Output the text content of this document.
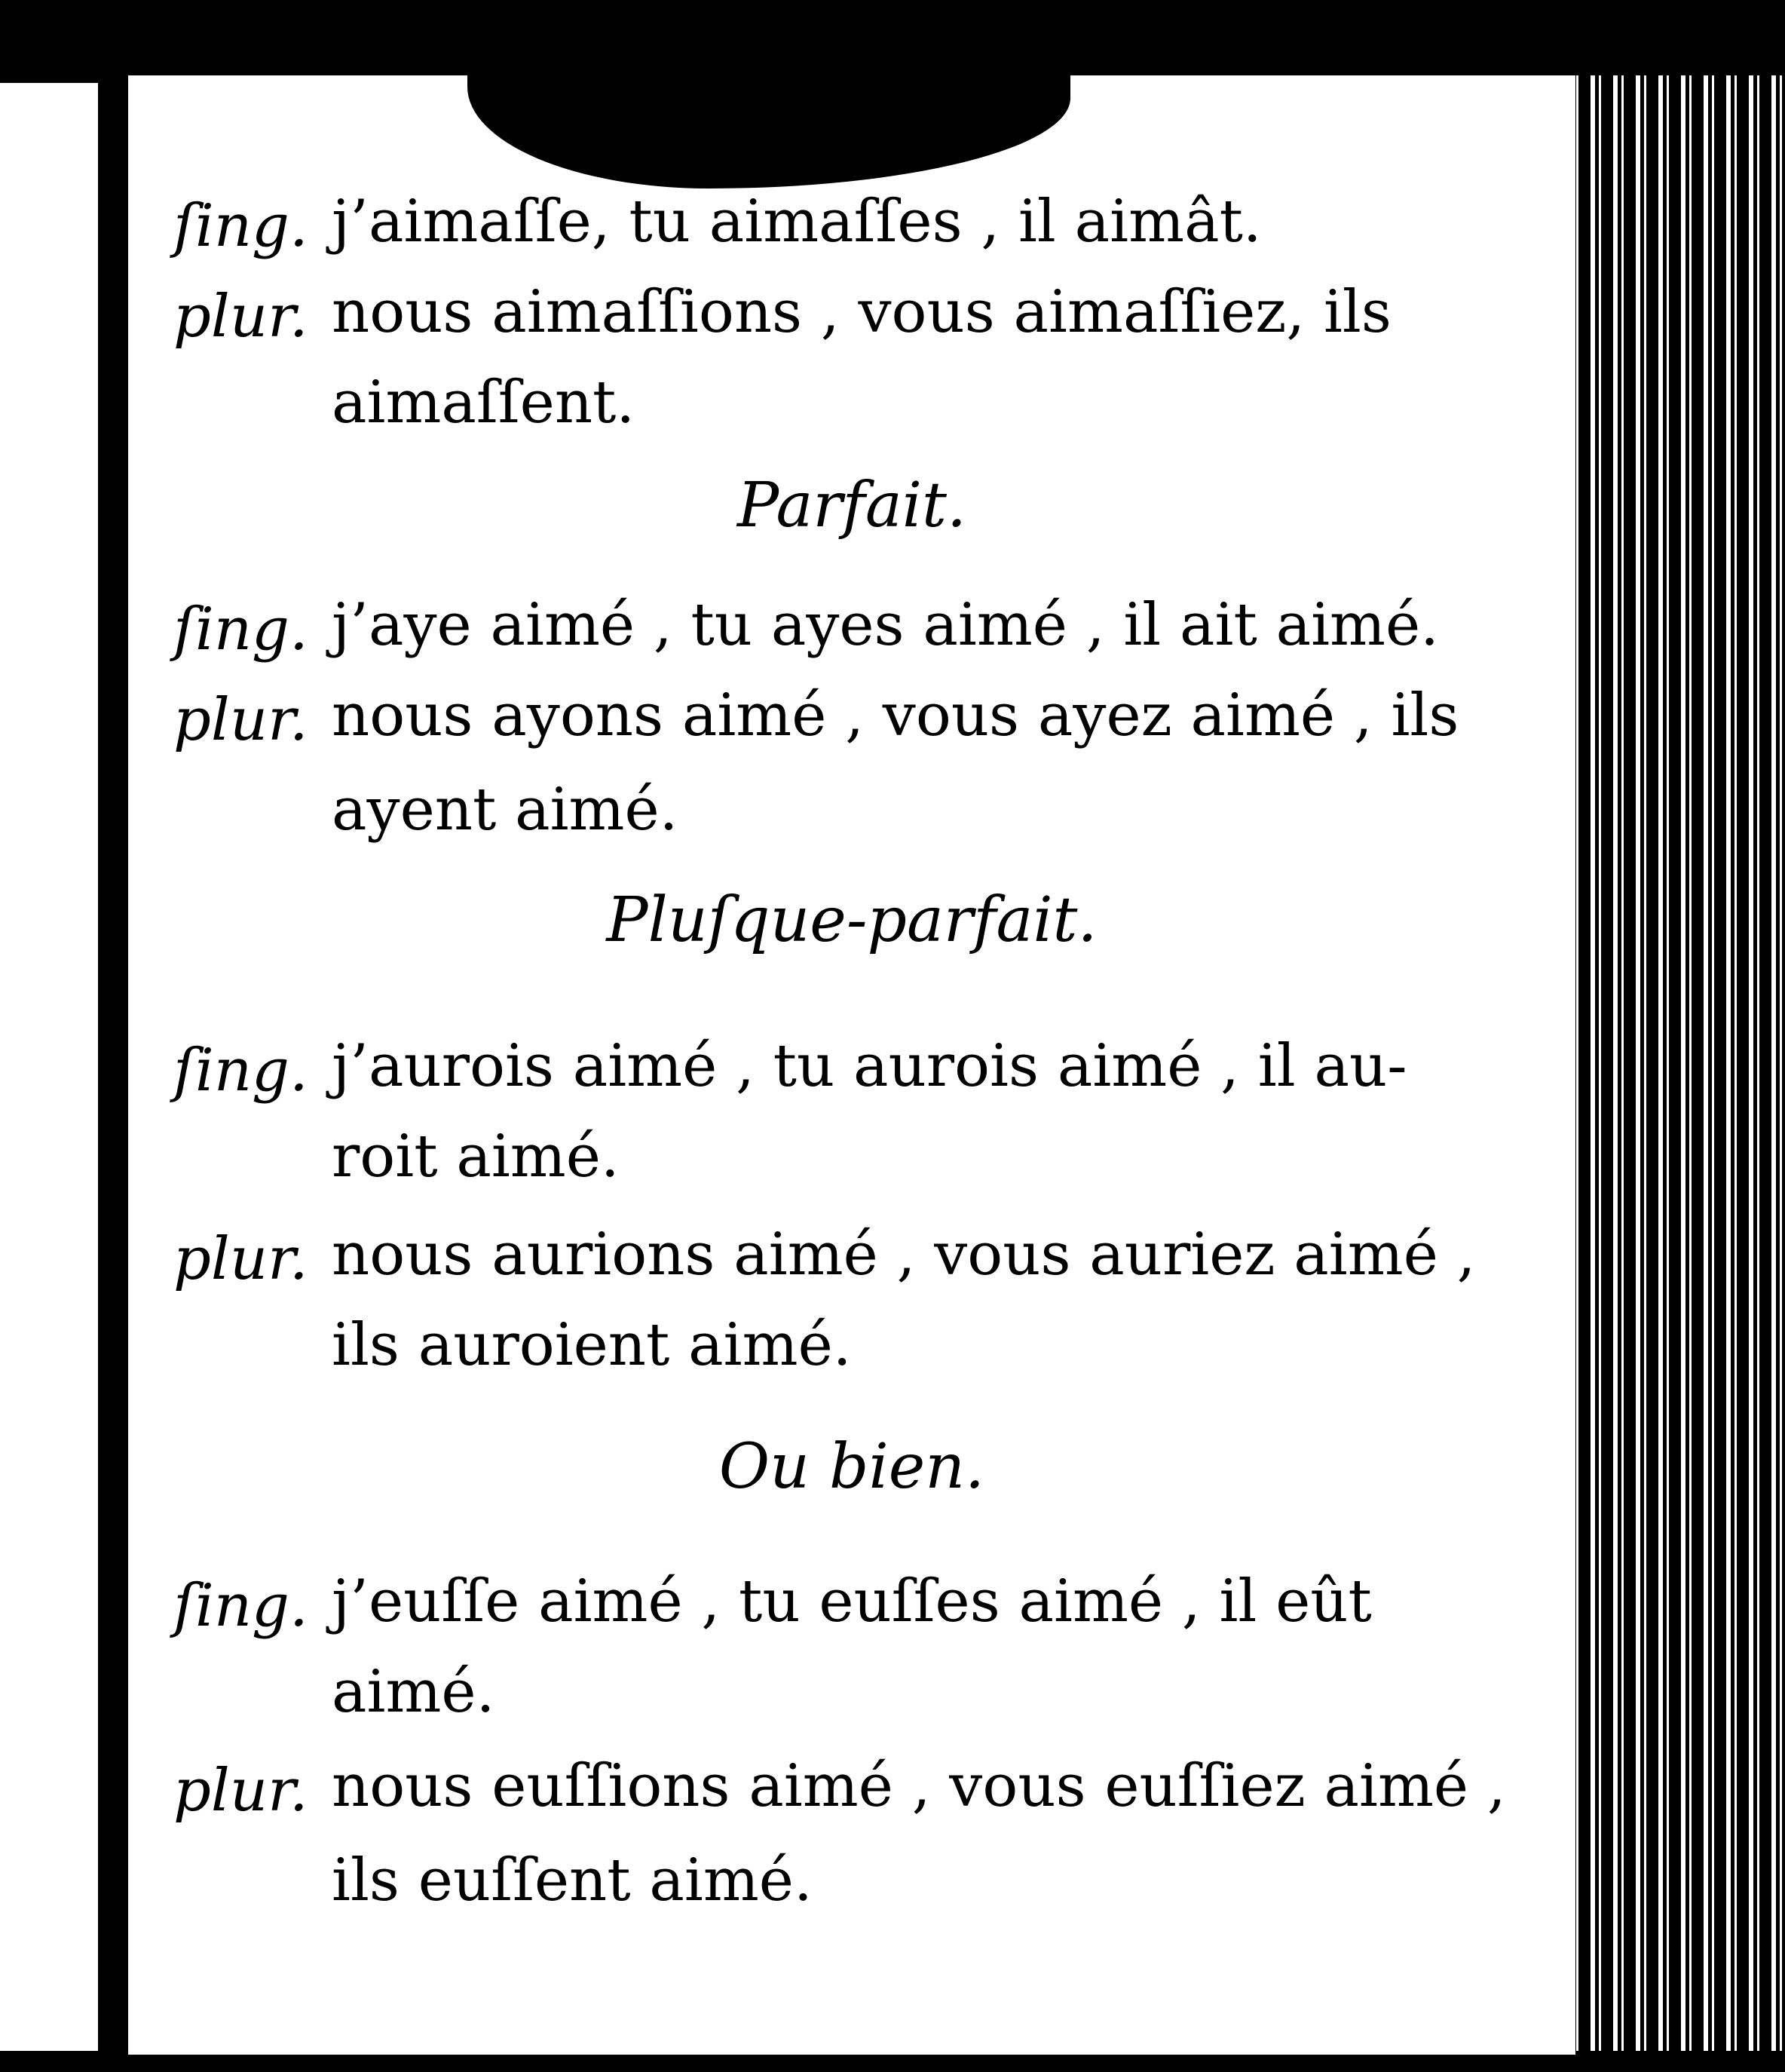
ſing. j’aimaſſe, tu aimaſſes , il aimât.
plur. nous aimaſſions , vous aimaſſiez, ils
aimaſſent.
Parfait.
ſing. j’aye aimé , tu ayes aimé , il ait aimé.
plur. nous ayons aimé , vous ayez aimé , ils
ayent aimé.
Pluſque-parfait.
ſing. j’aurois aimé , tu aurois aimé , il au-
roit aimé.
plur. nous aurions aimé , vous auriez aimé ,
ils auroient aimé.
Ou bien.
ſing. j’euſſe aimé , tu euſſes aimé , il eût
aimé.
plur. nous euſſions aimé , vous euſſiez aimé ,
ils euſſent aimé.
